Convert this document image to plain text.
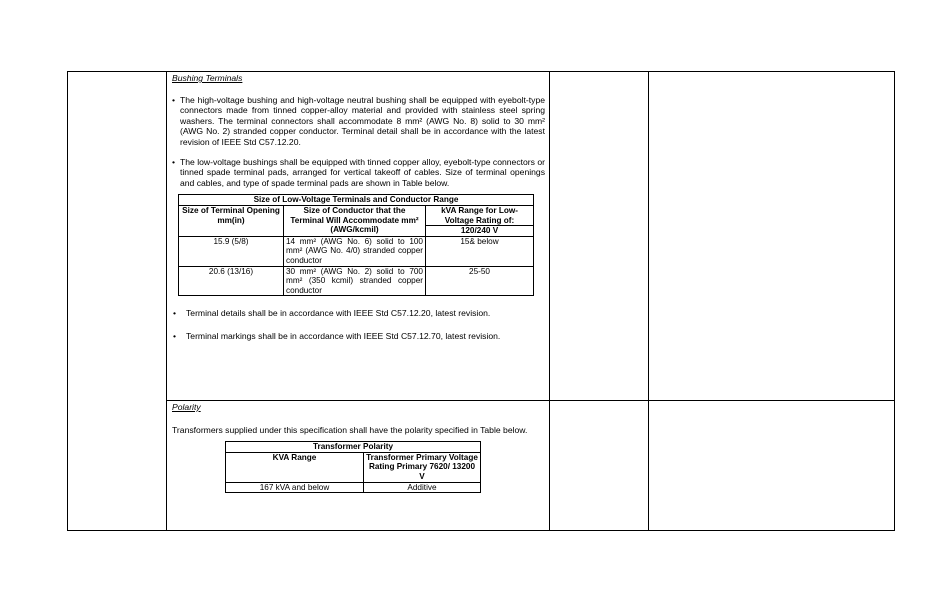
Bushing Terminals
• The high-voltage bushing and high-voltage neutral bushing shall be equipped with eyebolt-type connectors made from tinned copper-alloy material and provided with stainless steel spring washers. The terminal connectors shall accommodate 8 mm² (AWG No. 8) solid to 30 mm² (AWG No. 2) stranded copper conductor. Terminal detail shall be in accordance with the latest revision of IEEE Std C57.12.20.
• The low-voltage bushings shall be equipped with tinned copper alloy, eyebolt-type connectors or tinned spade terminal pads, arranged for vertical takeoff of cables. Size of terminal openings and cables, and type of spade terminal pads are shown in Table below.
Size of Low-Voltage Terminals and Conductor Range		
Size of Terminal Opening mm(in)	Size of Conductor that the Terminal Will Accommodate mm² (AWG/kcmil)	kVA Range for Low-Voltage Rating of:
		120/240 V
15.9 (5/8)	14 mm² (AWG No. 6) solid to 100 mm² (AWG No. 4/0) stranded copper conductor	15& below
20.6 (13/16)	30 mm² (AWG No. 2) solid to 700 mm² (350 kcmil) stranded copper conductor	25-50
• Terminal details shall be in accordance with IEEE Std C57.12.20, latest revision.
• Terminal markings shall be in accordance with IEEE Std C57.12.70, latest revision.
Polarity
Transformers supplied under this specification shall have the polarity specified in Table below.
Transformer Polarity	
KVA Range	Transformer Primary Voltage Rating Primary 7620/ 13200 V
167 kVA and below	Additive
